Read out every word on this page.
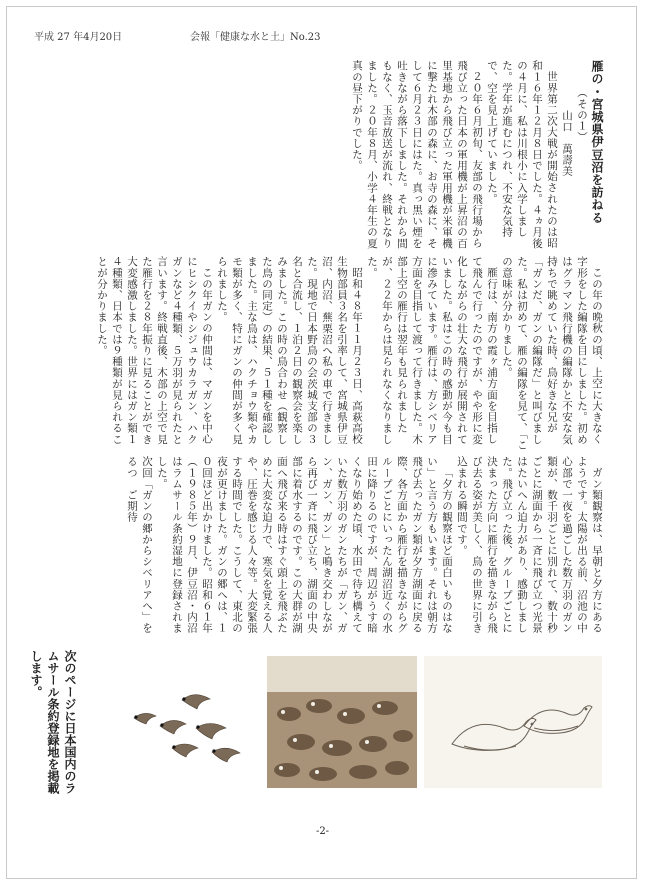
平成 27 年4月20日	会報「健康な水と土」No.23

雁の・宮城県伊豆沼を訪ねる

（その１）

山口　萬壽美

世界第二次大戦が開始されたのは昭和１６年１２月８日でした。４ヵ月後の４月に、私は川根小に入学しました。学年が進むにつれ、不安な気持で、空を見上げていました。

２０年６月初旬、友部の飛行場から飛び立った日本の軍用機が上昇沼の百里基地から飛び立った軍用機が米軍機に撃たれ木部の森に、お寺の森に、そして６月２３日にはた。真っ黒い煙を吐きながら落下しました。それから間もなく、玉音放送が流れ、終戦となりました。２０年８月、小学４年生の夏真の昼下がりでした。

この年の晩秋の頃、上空に大きなく字形をした編隊を目にしました。初めはグラマン飛行機の編隊かと不安な気持ちで眺めていた時、鳥好きな兄が「ガンだ、ガンの編隊だ」と叫びました。私は初めて、雁の編隊を見て、「この意味が分かりました。

雁行は、南方の霞ヶ浦方面を目指して飛んで行ったのですが、やや形に変化しながらの壮大な飛行が展開されていました。私はこの時の感動が今も目に滲みています。雁行は、方シベリア方面を目指して渡って行きました。木部上空の雁行は翌年も見られましたが、２２年からは見られなくなりました。

昭和４８年１１月２３日、高萩高校生物部員３名を引率して、宮城県伊豆沼、内沼、蕪栗沼へ私の車で行きました。現地で日本野鳥の会茨城支部の３名と合流し、１泊２日の観察会を楽しみました。この時の鳥合わせ（観察した鳥の同定）の結果、５１種を確認しました。主な鳥は、ハクチョウ類やカモ類が多く、特にガンの仲間が多く見られました。

この年ガンの仲間は、マガンを中心にヒシクイやシジュウカラガン、ハクガンなど４種類、５万羽が見られたと言います。終戦直後、木部の上空で見た雁行を２８年振りに見ることができ大変感激しました。世界にはガン類１４種類、日本では９種類が見られることが分かりました。

ガン類観察は、早朝と夕方にあるようです。太陽が出る前、沼池の中心部で一夜を過ごした数万羽のガン類が、数千羽ごとに別れて、数十秒ごとに湖面から一斉に飛び立つ光景はたいへん迫力があり、感動しました。飛び立った後、グループごとに決まった方向に雁行を描きながら飛び去る姿が美しく、鳥の世界に引き込まれる瞬間です。

「夕方の観察ほど面白いものはない」と言う方もいます。それは朝方飛び去ったガン類が夕方湖面に戻る際、各方面から雁行を描きながらグループごとにいったん湖沼近くの水田に降りるのですが、周辺がうす暗くなり始めた頃、水田で待ち構えていた数万羽のガンたちが「ガン、ガン、ガン、ガン」と鳴き交わしながら再び一斉に飛び立ち、湖面の中央部に着水するのです。この大群が湖面へ飛び来る時はすぐ頭上を飛ぶために大変な迫力で、寒気を覚える人や、圧巻を感じる人々等。大変緊張する時間でした。こうして、東北の夜が更けました。ガンの郷へは、１０回ほど出かけました。昭和６１年（１９８５年）９月、伊豆沼・内沼はラムサール条約湿地に登録されました。

次回「ガンの郷からシベリアへ」をるつ　ご期待

次のページに日本国内のラムサール条約登録地を掲載します。
-2-
